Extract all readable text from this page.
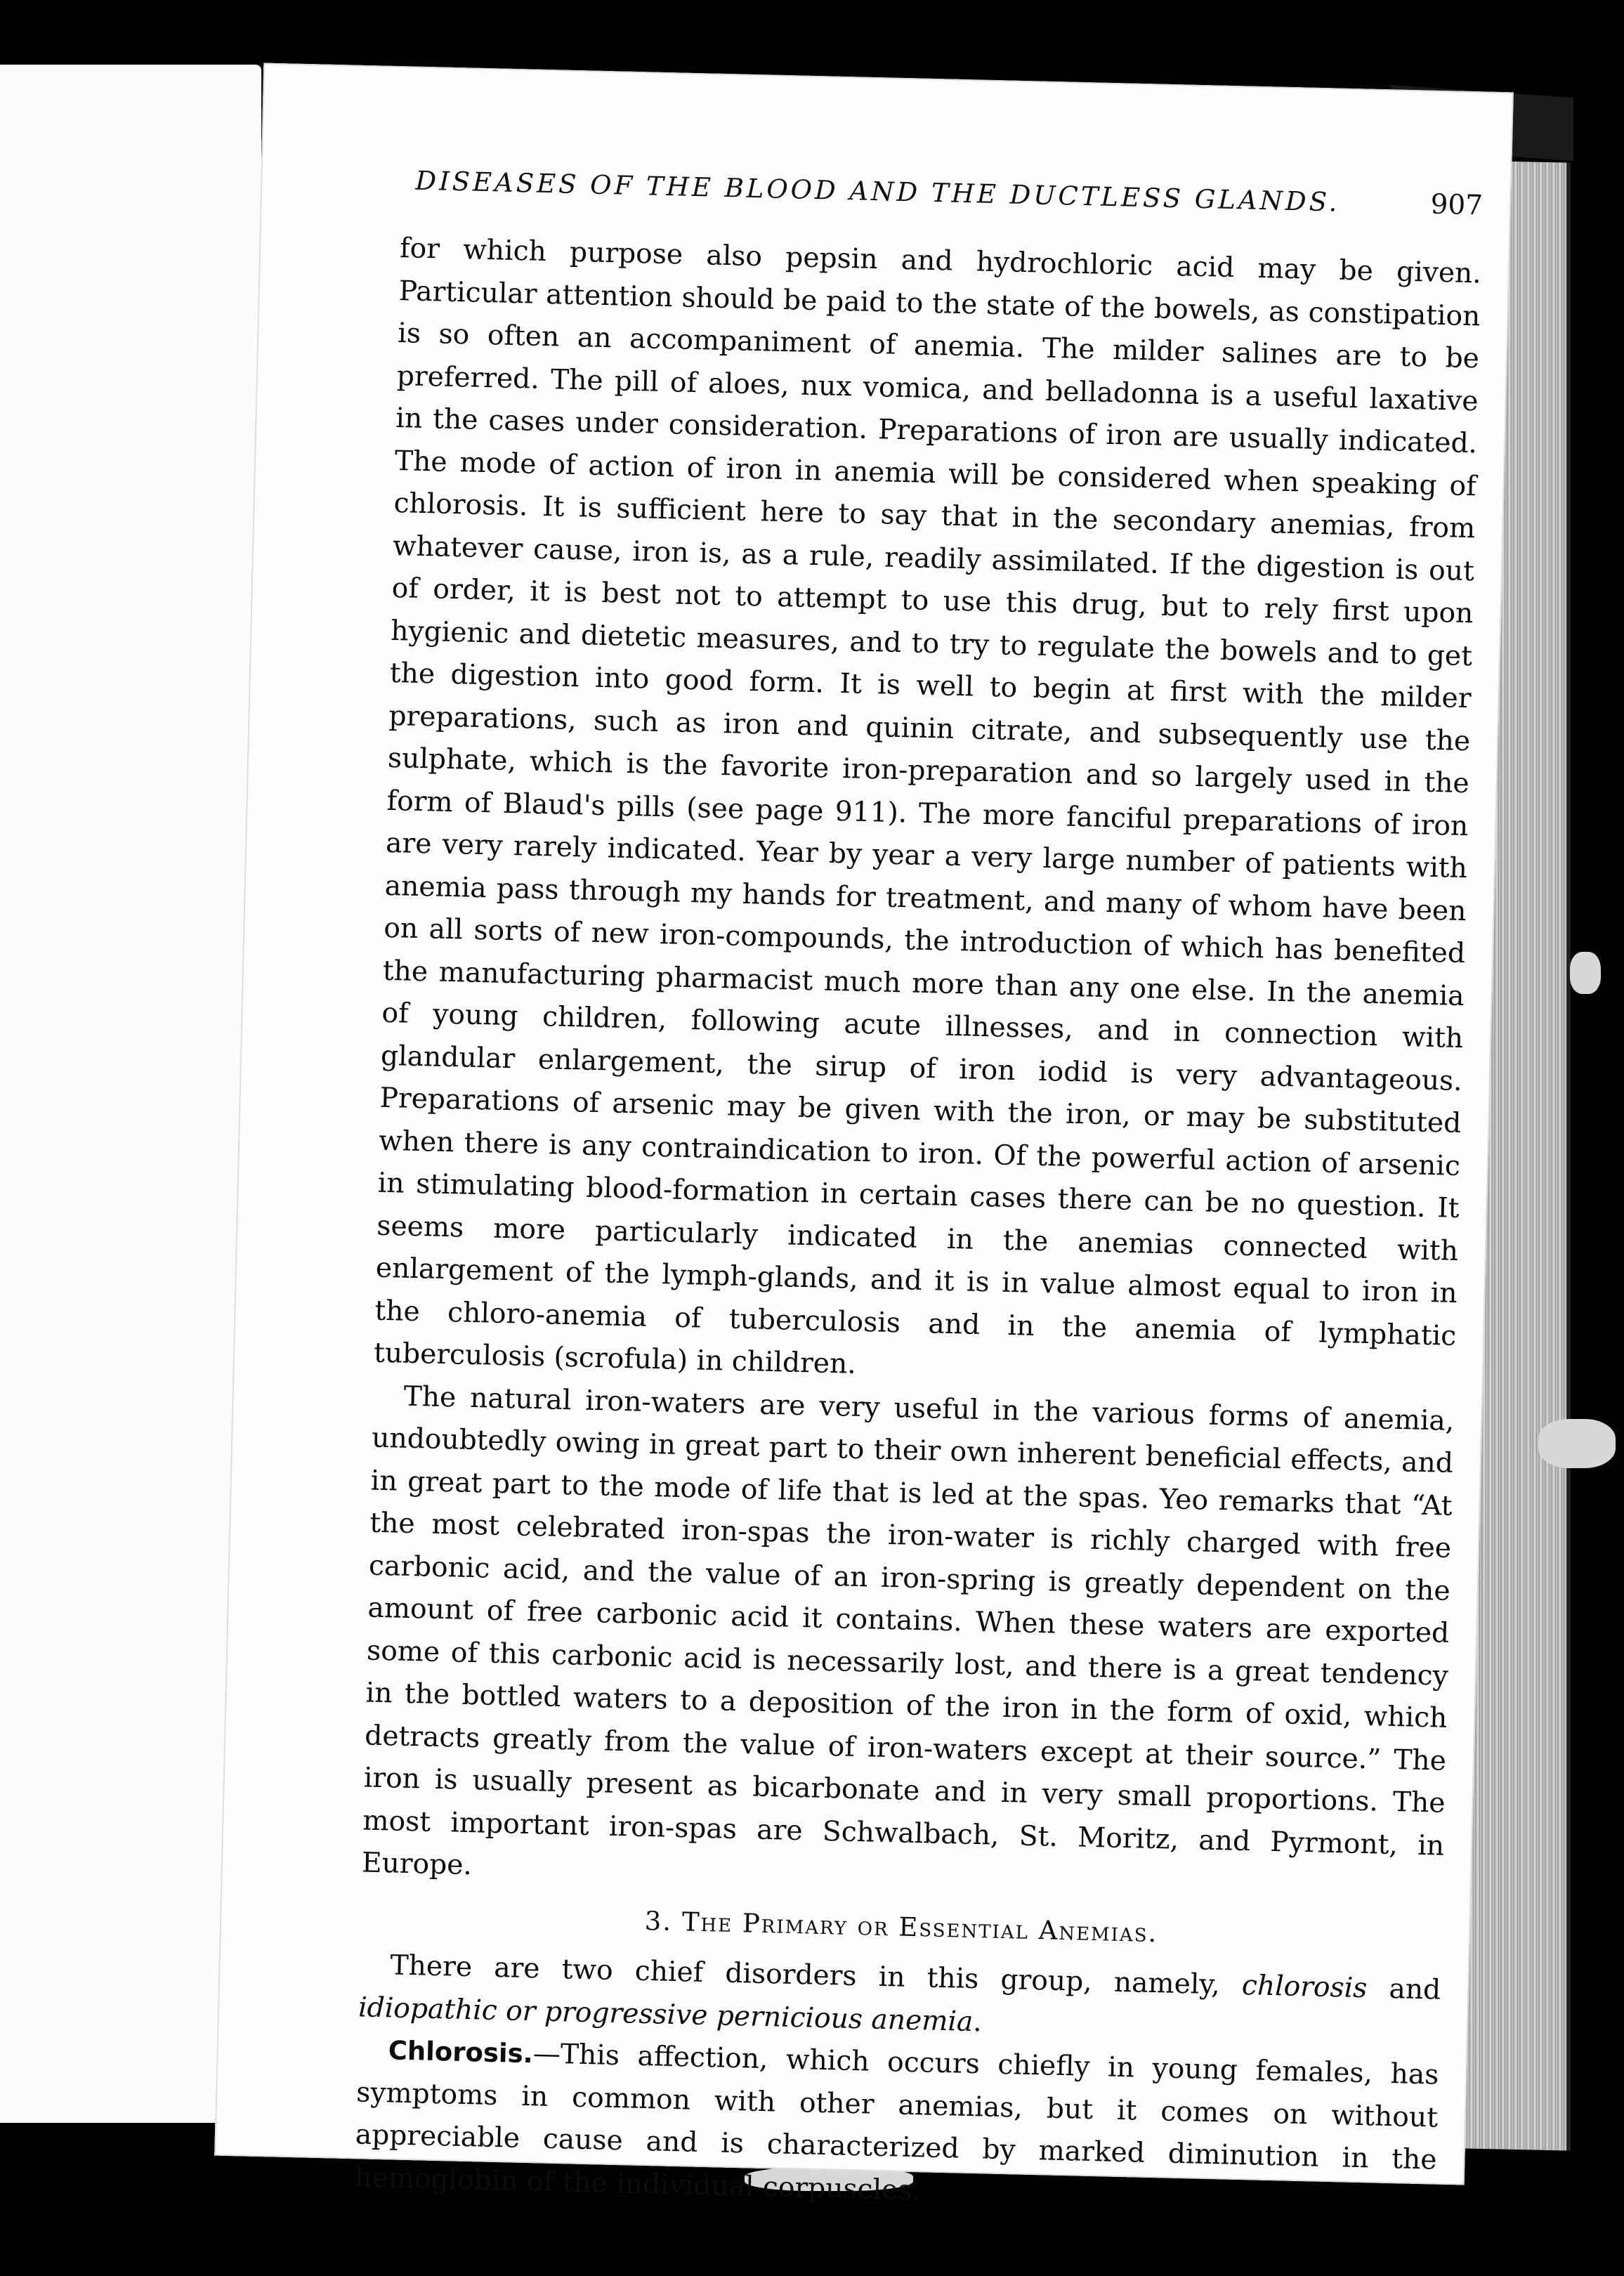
DISEASES OF THE BLOOD AND THE DUCTLESS GLANDS.	907

for which purpose also pepsin and hydrochloric acid may be given. Particular attention should be paid to the state of the bowels, as constipation is so often an accompaniment of anemia. The milder salines are to be preferred. The pill of aloes, nux vomica, and belladonna is a useful laxative in the cases under consideration. Preparations of iron are usually indicated. The mode of action of iron in anemia will be considered when speaking of chlorosis. It is sufficient here to say that in the secondary anemias, from whatever cause, iron is, as a rule, readily assimilated. If the digestion is out of order, it is best not to attempt to use this drug, but to rely first upon hygienic and dietetic measures, and to try to regulate the bowels and to get the digestion into good form. It is well to begin at first with the milder preparations, such as iron and quinin citrate, and subsequently use the sulphate, which is the favorite iron-preparation and so largely used in the form of Blaud's pills (see page 911). The more fanciful preparations of iron are very rarely indicated. Year by year a very large number of patients with anemia pass through my hands for treatment, and many of whom have been on all sorts of new iron-compounds, the introduction of which has benefited the manufacturing pharmacist much more than any one else. In the anemia of young children, following acute illnesses, and in connection with glandular enlargement, the sirup of iron iodid is very advantageous. Preparations of arsenic may be given with the iron, or may be substituted when there is any contraindication to iron. Of the powerful action of arsenic in stimulating blood-formation in certain cases there can be no question. It seems more particularly indicated in the anemias connected with enlargement of the lymph-glands, and it is in value almost equal to iron in the chloro-anemia of tuberculosis and in the anemia of lymphatic tuberculosis (scrofula) in children.

The natural iron-waters are very useful in the various forms of anemia, undoubtedly owing in great part to their own inherent beneficial effects, and in great part to the mode of life that is led at the spas. Yeo remarks that “At the most celebrated iron-spas the iron-water is richly charged with free carbonic acid, and the value of an iron-spring is greatly dependent on the amount of free carbonic acid it contains. When these waters are exported some of this carbonic acid is necessarily lost, and there is a great tendency in the bottled waters to a deposition of the iron in the form of oxid, which detracts greatly from the value of iron-waters except at their source.” The iron is usually present as bicarbonate and in very small proportions. The most important iron-spas are Schwalbach, St. Moritz, and Pyrmont, in Europe.

3. The Primary or Essential Anemias.

There are two chief disorders in this group, namely, chlorosis and idiopathic or progressive pernicious anemia.

Chlorosis.—This affection, which occurs chiefly in young females, has symptoms in common with other anemias, but it comes on without appreciable cause and is characterized by marked diminution in the hemoglobin of the individual corpuscles.
